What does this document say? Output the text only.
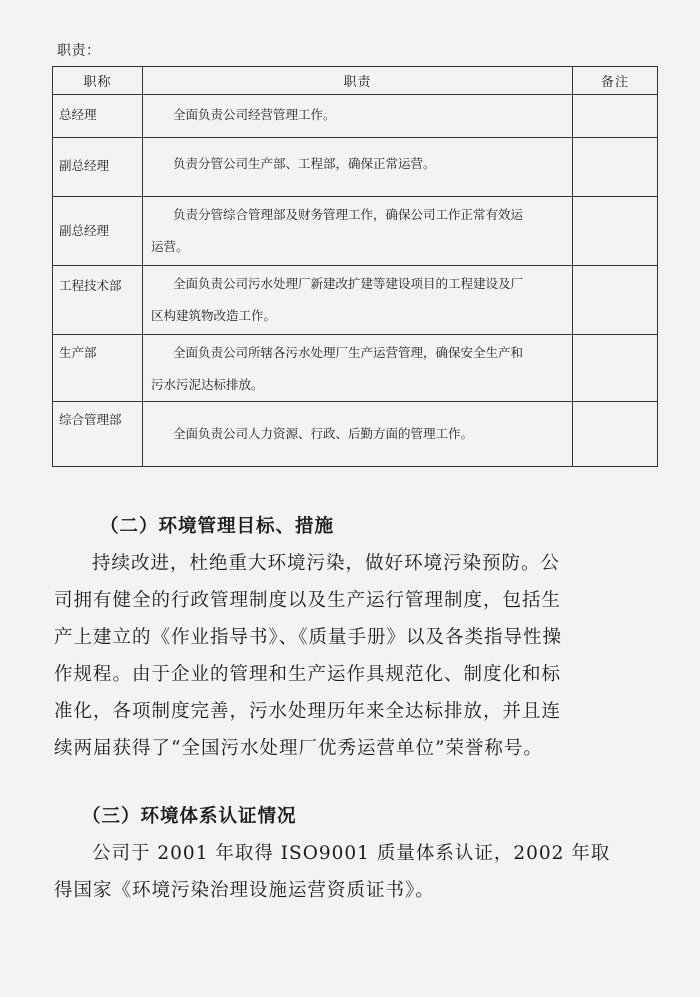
职责：
职称	职责	备注

总经理	全面负责公司经营管理工作。	

副总经理	负责分管公司生产部、工程部，确保正常运营。	

副总经理	负责分管综合管理部及财务管理工作，确保公司工作正常有效运
运营。	

工程技术部	全面负责公司污水处理厂新建改扩建等建设项目的工程建设及厂
区构建筑物改造工作。	

生产部	全面负责公司所辖各污水处理厂生产运营管理，确保安全生产和
污水污泥达标排放。	

综合管理部	全面负责公司人力资源、行政、后勤方面的管理工作。	

（二）环境管理目标、措施
持续改进，杜绝重大环境污染，做好环境污染预防。公
司拥有健全的行政管理制度以及生产运行管理制度，包括生
产上建立的《作业指导书》、《质量手册》以及各类指导性操
作规程。由于企业的管理和生产运作具规范化、制度化和标
准化，各项制度完善，污水处理历年来全达标排放，并且连
续两届获得了“全国污水处理厂优秀运营单位”荣誉称号。
（三）环境体系认证情况
公司于 2001 年取得 ISO9001 质量体系认证，2002 年取
得国家《环境污染治理设施运营资质证书》。
